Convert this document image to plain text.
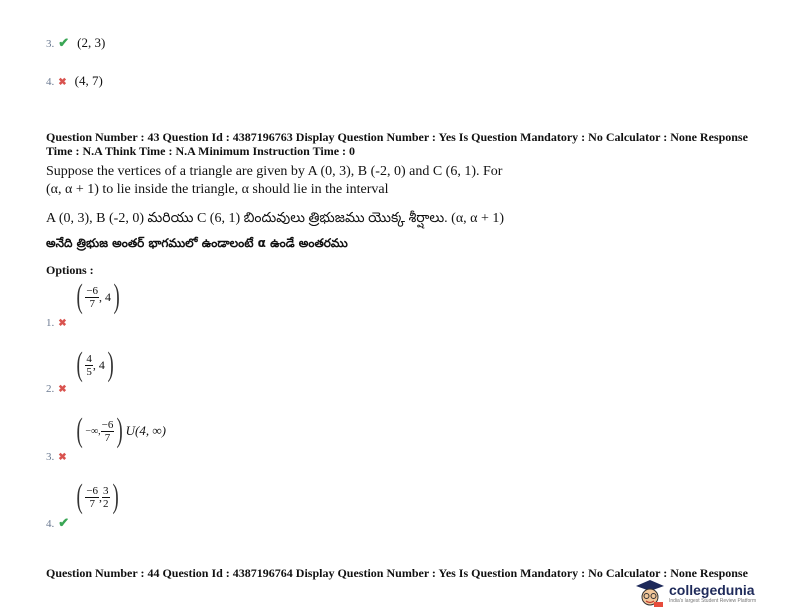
3. ✔ (2, 3)
4. ✖ (4, 7)
Question Number : 43 Question Id : 4387196763 Display Question Number : Yes Is Question Mandatory : No Calculator : None Response
Time : N.A Think Time : N.A Minimum Instruction Time : 0
Suppose the vertices of a triangle are given by A (0, 3), B (-2, 0) and C (6, 1). For
(α, α + 1) to lie inside the triangle, α should lie in the interval
A (0, 3), B (-2, 0) మరియు C (6, 1) బిందువులు త్రిభుజము యొక్క శీర్షాలు. (α, α + 1)
అనేది త్రిభుజ అంతర్ భాగములో ఉండాలంటే α ఉండే అంతరము
Options :
( $\frac{-6}{7}$ , 4 )
1. ✖
( $\frac{4}{5}$ , 4 )
2. ✖
( −∞, $\frac{-6}{7}$ ) U(4, ∞)
3. ✖
( $\frac{-6}{7}$ , $\frac{3}{2}$ )
4. ✔
Question Number : 44 Question Id : 4387196764 Display Question Number : Yes Is Question Mandatory : No Calculator : None Response
collegedunia
India's largest Student Review Platform
